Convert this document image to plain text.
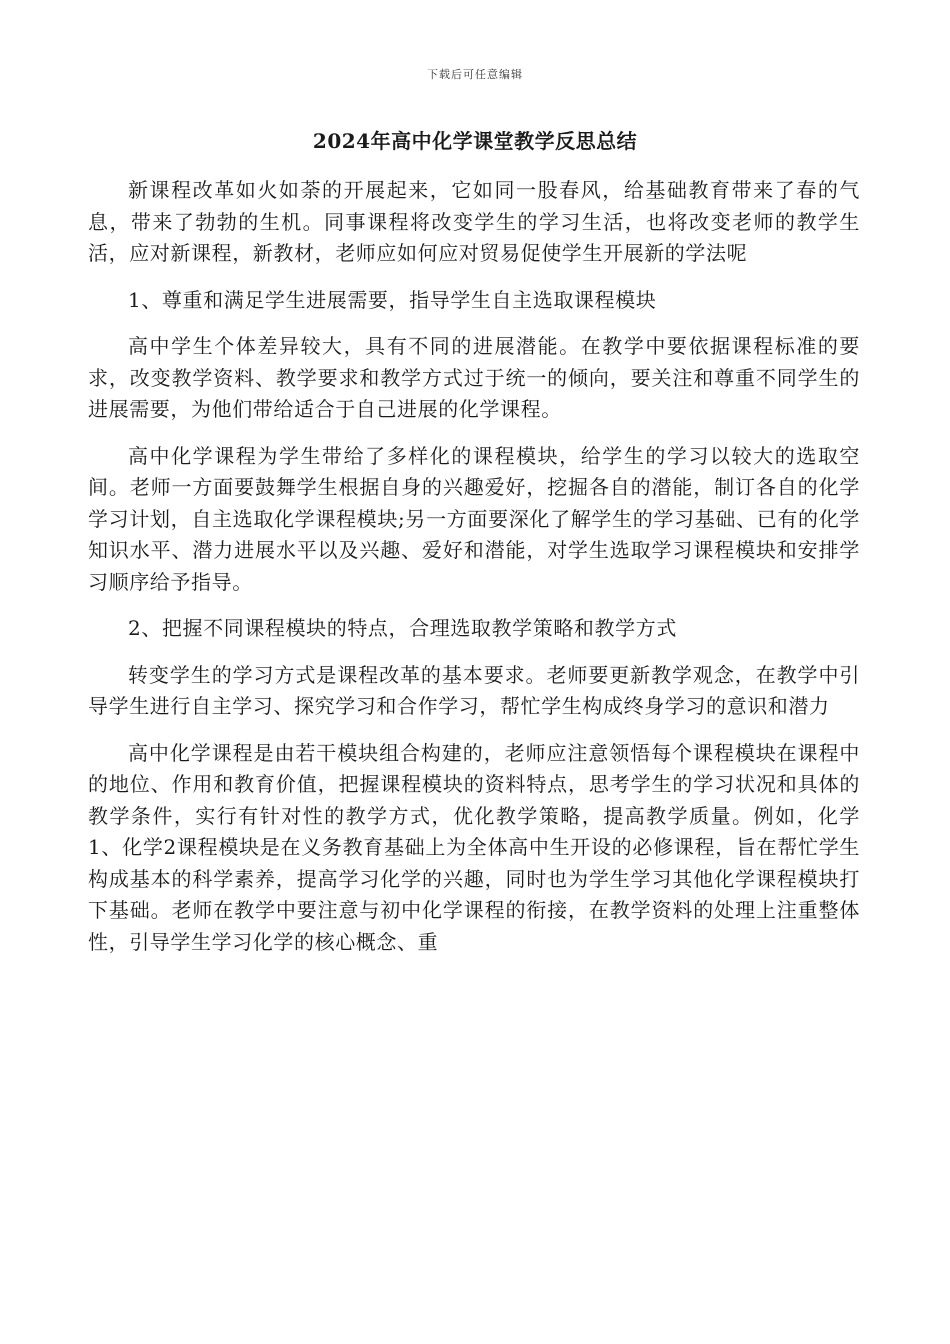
下载后可任意编辑
2024年高中化学课堂教学反思总结

新课程改革如火如荼的开展起来，它如同一股春风，给基础教育带来了春的气息，带来了勃勃的生机。同事课程将改变学生的学习生活，也将改变老师的教学生活，应对新课程，新教材，老师应如何应对贸易促使学生开展新的学法呢

1、尊重和满足学生进展需要，指导学生自主选取课程模块

高中学生个体差异较大，具有不同的进展潜能。在教学中要依据课程标准的要求，改变教学资料、教学要求和教学方式过于统一的倾向，要关注和尊重不同学生的进展需要，为他们带给适合于自己进展的化学课程。

高中化学课程为学生带给了多样化的课程模块，给学生的学习以较大的选取空间。老师一方面要鼓舞学生根据自身的兴趣爱好，挖掘各自的潜能，制订各自的化学学习计划，自主选取化学课程模块;另一方面要深化了解学生的学习基础、已有的化学知识水平、潜力进展水平以及兴趣、爱好和潜能，对学生选取学习课程模块和安排学习顺序给予指导。

2、把握不同课程模块的特点，合理选取教学策略和教学方式

转变学生的学习方式是课程改革的基本要求。老师要更新教学观念，在教学中引导学生进行自主学习、探究学习和合作学习，帮忙学生构成终身学习的意识和潜力

高中化学课程是由若干模块组合构建的，老师应注意领悟每个课程模块在课程中的地位、作用和教育价值，把握课程模块的资料特点，思考学生的学习状况和具体的教学条件，实行有针对性的教学方式，优化教学策略，提高教学质量。例如，化学1、化学2课程模块是在义务教育基础上为全体高中生开设的必修课程，旨在帮忙学生构成基本的科学素养，提高学习化学的兴趣，同时也为学生学习其他化学课程模块打下基础。老师在教学中要注意与初中化学课程的衔接，在教学资料的处理上注重整体性，引导学生学习化学的核心概念、重
